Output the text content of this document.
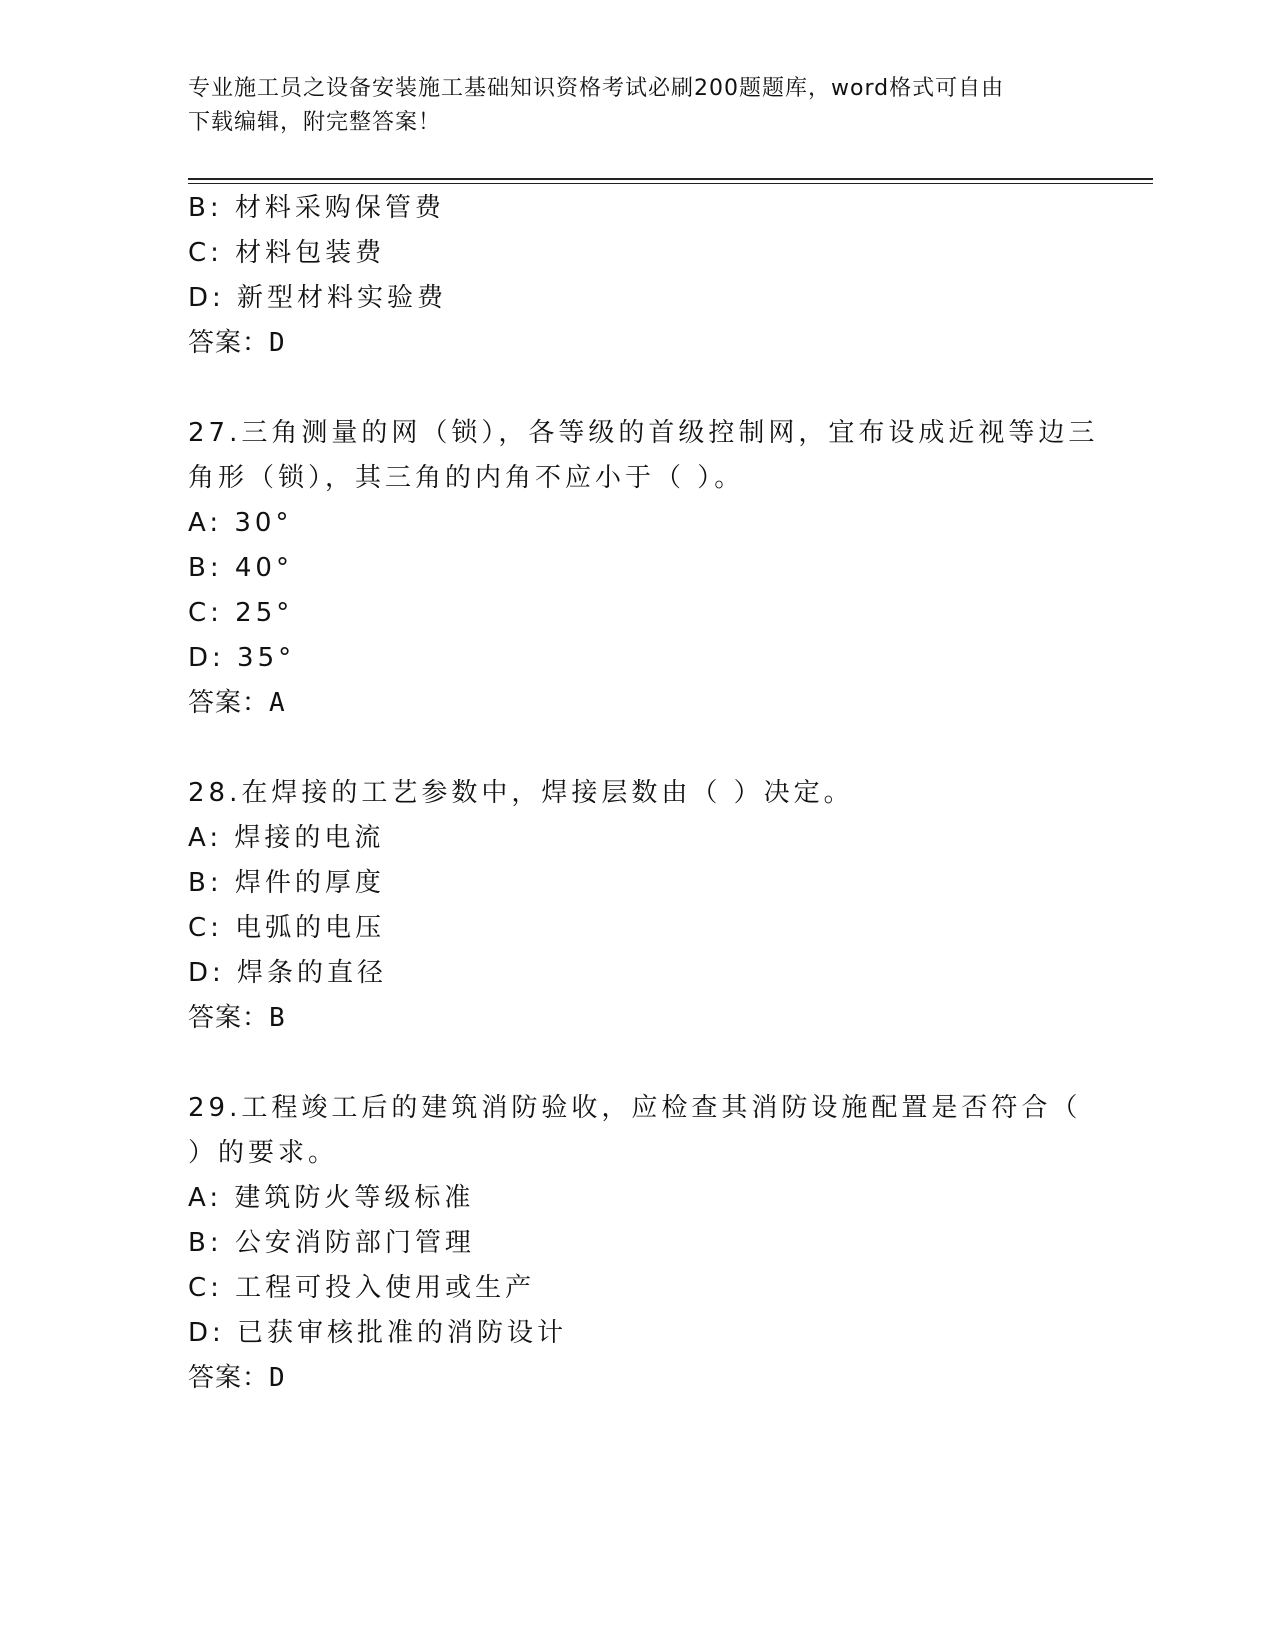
专业施工员之设备安装施工基础知识资格考试必刷200题题库，word格式可自由
下载编辑，附完整答案！
B: 材料采购保管费
C: 材料包装费
D: 新型材料实验费
答案：D
27.三角测量的网（锁），各等级的首级控制网，宜布设成近视等边三
角形（锁），其三角的内角不应小于（ ）。
A: 30°
B: 40°
C: 25°
D: 35°
答案：A
28.在焊接的工艺参数中，焊接层数由（ ）决定。
A: 焊接的电流
B: 焊件的厚度
C: 电弧的电压
D: 焊条的直径
答案：B
29.工程竣工后的建筑消防验收，应检查其消防设施配置是否符合（
）的要求。
A: 建筑防火等级标准
B: 公安消防部门管理
C: 工程可投入使用或生产
D: 已获审核批准的消防设计
答案：D
